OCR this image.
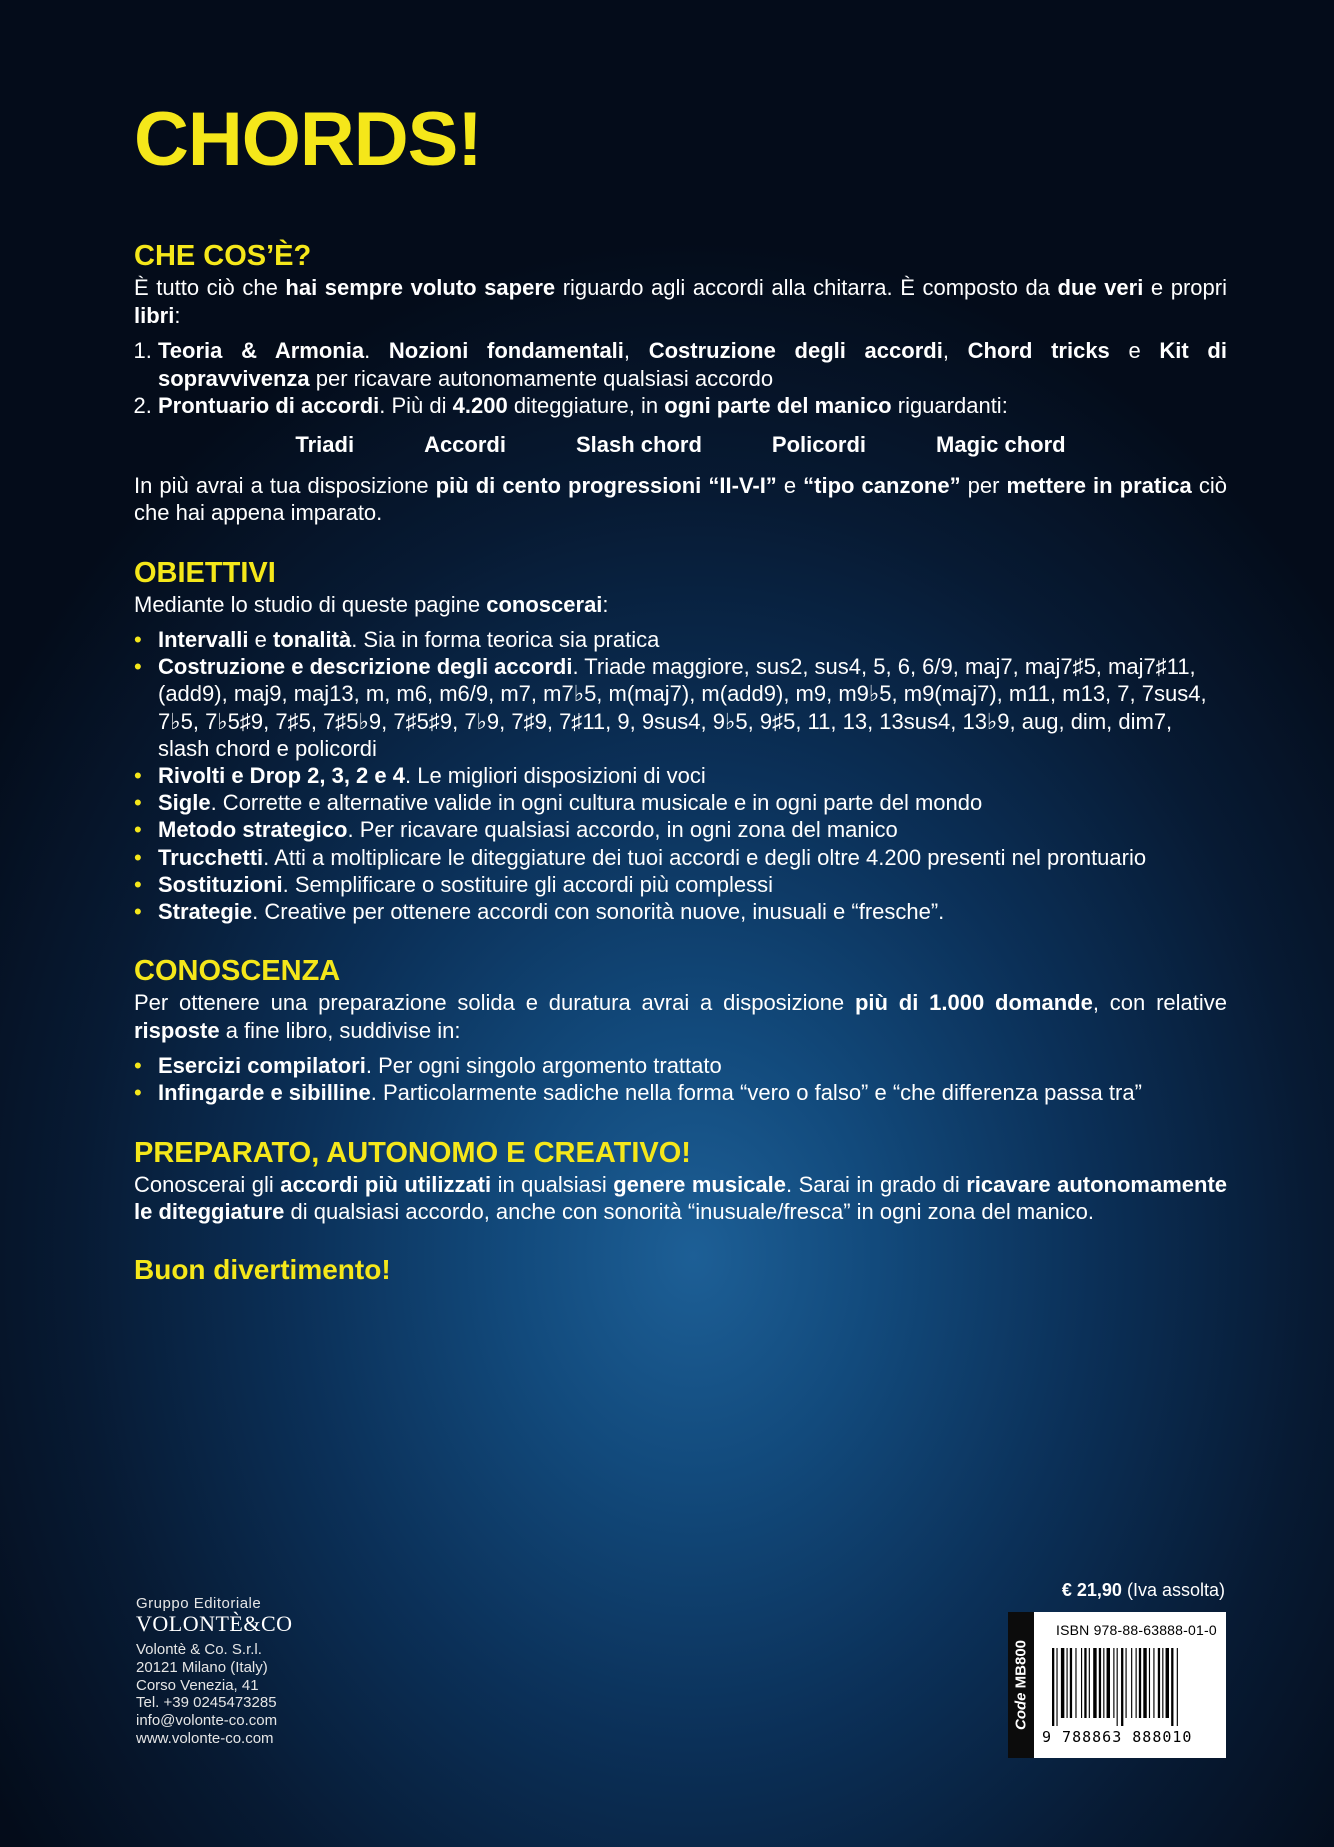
CHORDS!
CHE COS’È?

È tutto ciò che hai sempre voluto sapere riguardo agli accordi alla chitarra. È composto da due veri e propri libri:

1. Teoria & Armonia. Nozioni fondamentali, Costruzione degli accordi, Chord tricks e Kit di sopravvivenza per ricavare autonomamente qualsiasi accordo
2. Prontuario di accordi. Più di 4.200 diteggiature, in ogni parte del manico riguardanti:
Triadi	Accordi	Slash chord	Policordi	Magic chord

In più avrai a tua disposizione più di cento progressioni “II-V-I” e “tipo canzone” per mettere in pratica ciò che hai appena imparato.

OBIETTIVI

Mediante lo studio di queste pagine conoscerai:

• Intervalli e tonalità. Sia in forma teorica sia pratica
• Costruzione e descrizione degli accordi. Triade maggiore, sus2, sus4, 5, 6, 6/9, maj7, maj7♯5, maj7♯11, (add9), maj9, maj13, m, m6, m6/9, m7, m7♭5, m(maj7), m(add9), m9, m9♭5, m9(maj7), m11, m13, 7, 7sus4, 7♭5, 7♭5♯9, 7♯5, 7♯5♭9, 7♯5♯9, 7♭9, 7♯9, 7♯11, 9, 9sus4, 9♭5, 9♯5, 11, 13, 13sus4, 13♭9, aug, dim, dim7, slash chord e policordi
• Rivolti e Drop 2, 3, 2 e 4. Le migliori disposizioni di voci
• Sigle. Corrette e alternative valide in ogni cultura musicale e in ogni parte del mondo
• Metodo strategico. Per ricavare qualsiasi accordo, in ogni zona del manico
• Trucchetti. Atti a moltiplicare le diteggiature dei tuoi accordi e degli oltre 4.200 presenti nel prontuario
• Sostituzioni. Semplificare o sostituire gli accordi più complessi
• Strategie. Creative per ottenere accordi con sonorità nuove, inusuali e “fresche”.
CONOSCENZA

Per ottenere una preparazione solida e duratura avrai a disposizione più di 1.000 domande, con relative risposte a fine libro, suddivise in:

• Esercizi compilatori. Per ogni singolo argomento trattato
• Infingarde e sibilline. Particolarmente sadiche nella forma “vero o falso” e “che differenza passa tra”
PREPARATO, AUTONOMO E CREATIVO!

Conoscerai gli accordi più utilizzati in qualsiasi genere musicale. Sarai in grado di ricavare autonomamente le diteggiature di qualsiasi accordo, anche con sonorità “inusuale/fresca” in ogni zona del manico.

Buon divertimento!
Gruppo Editoriale
VOLONTÈ&CO
Volontè & Co. S.r.l.
20121 Milano (Italy)
Corso Venezia, 41
Tel. +39 0245473285
info@volonte-co.com
www.volonte-co.com
€ 21,90 (Iva assolta)
Code MB800
ISBN 978-88-63888-01-0
9 788863 888010
